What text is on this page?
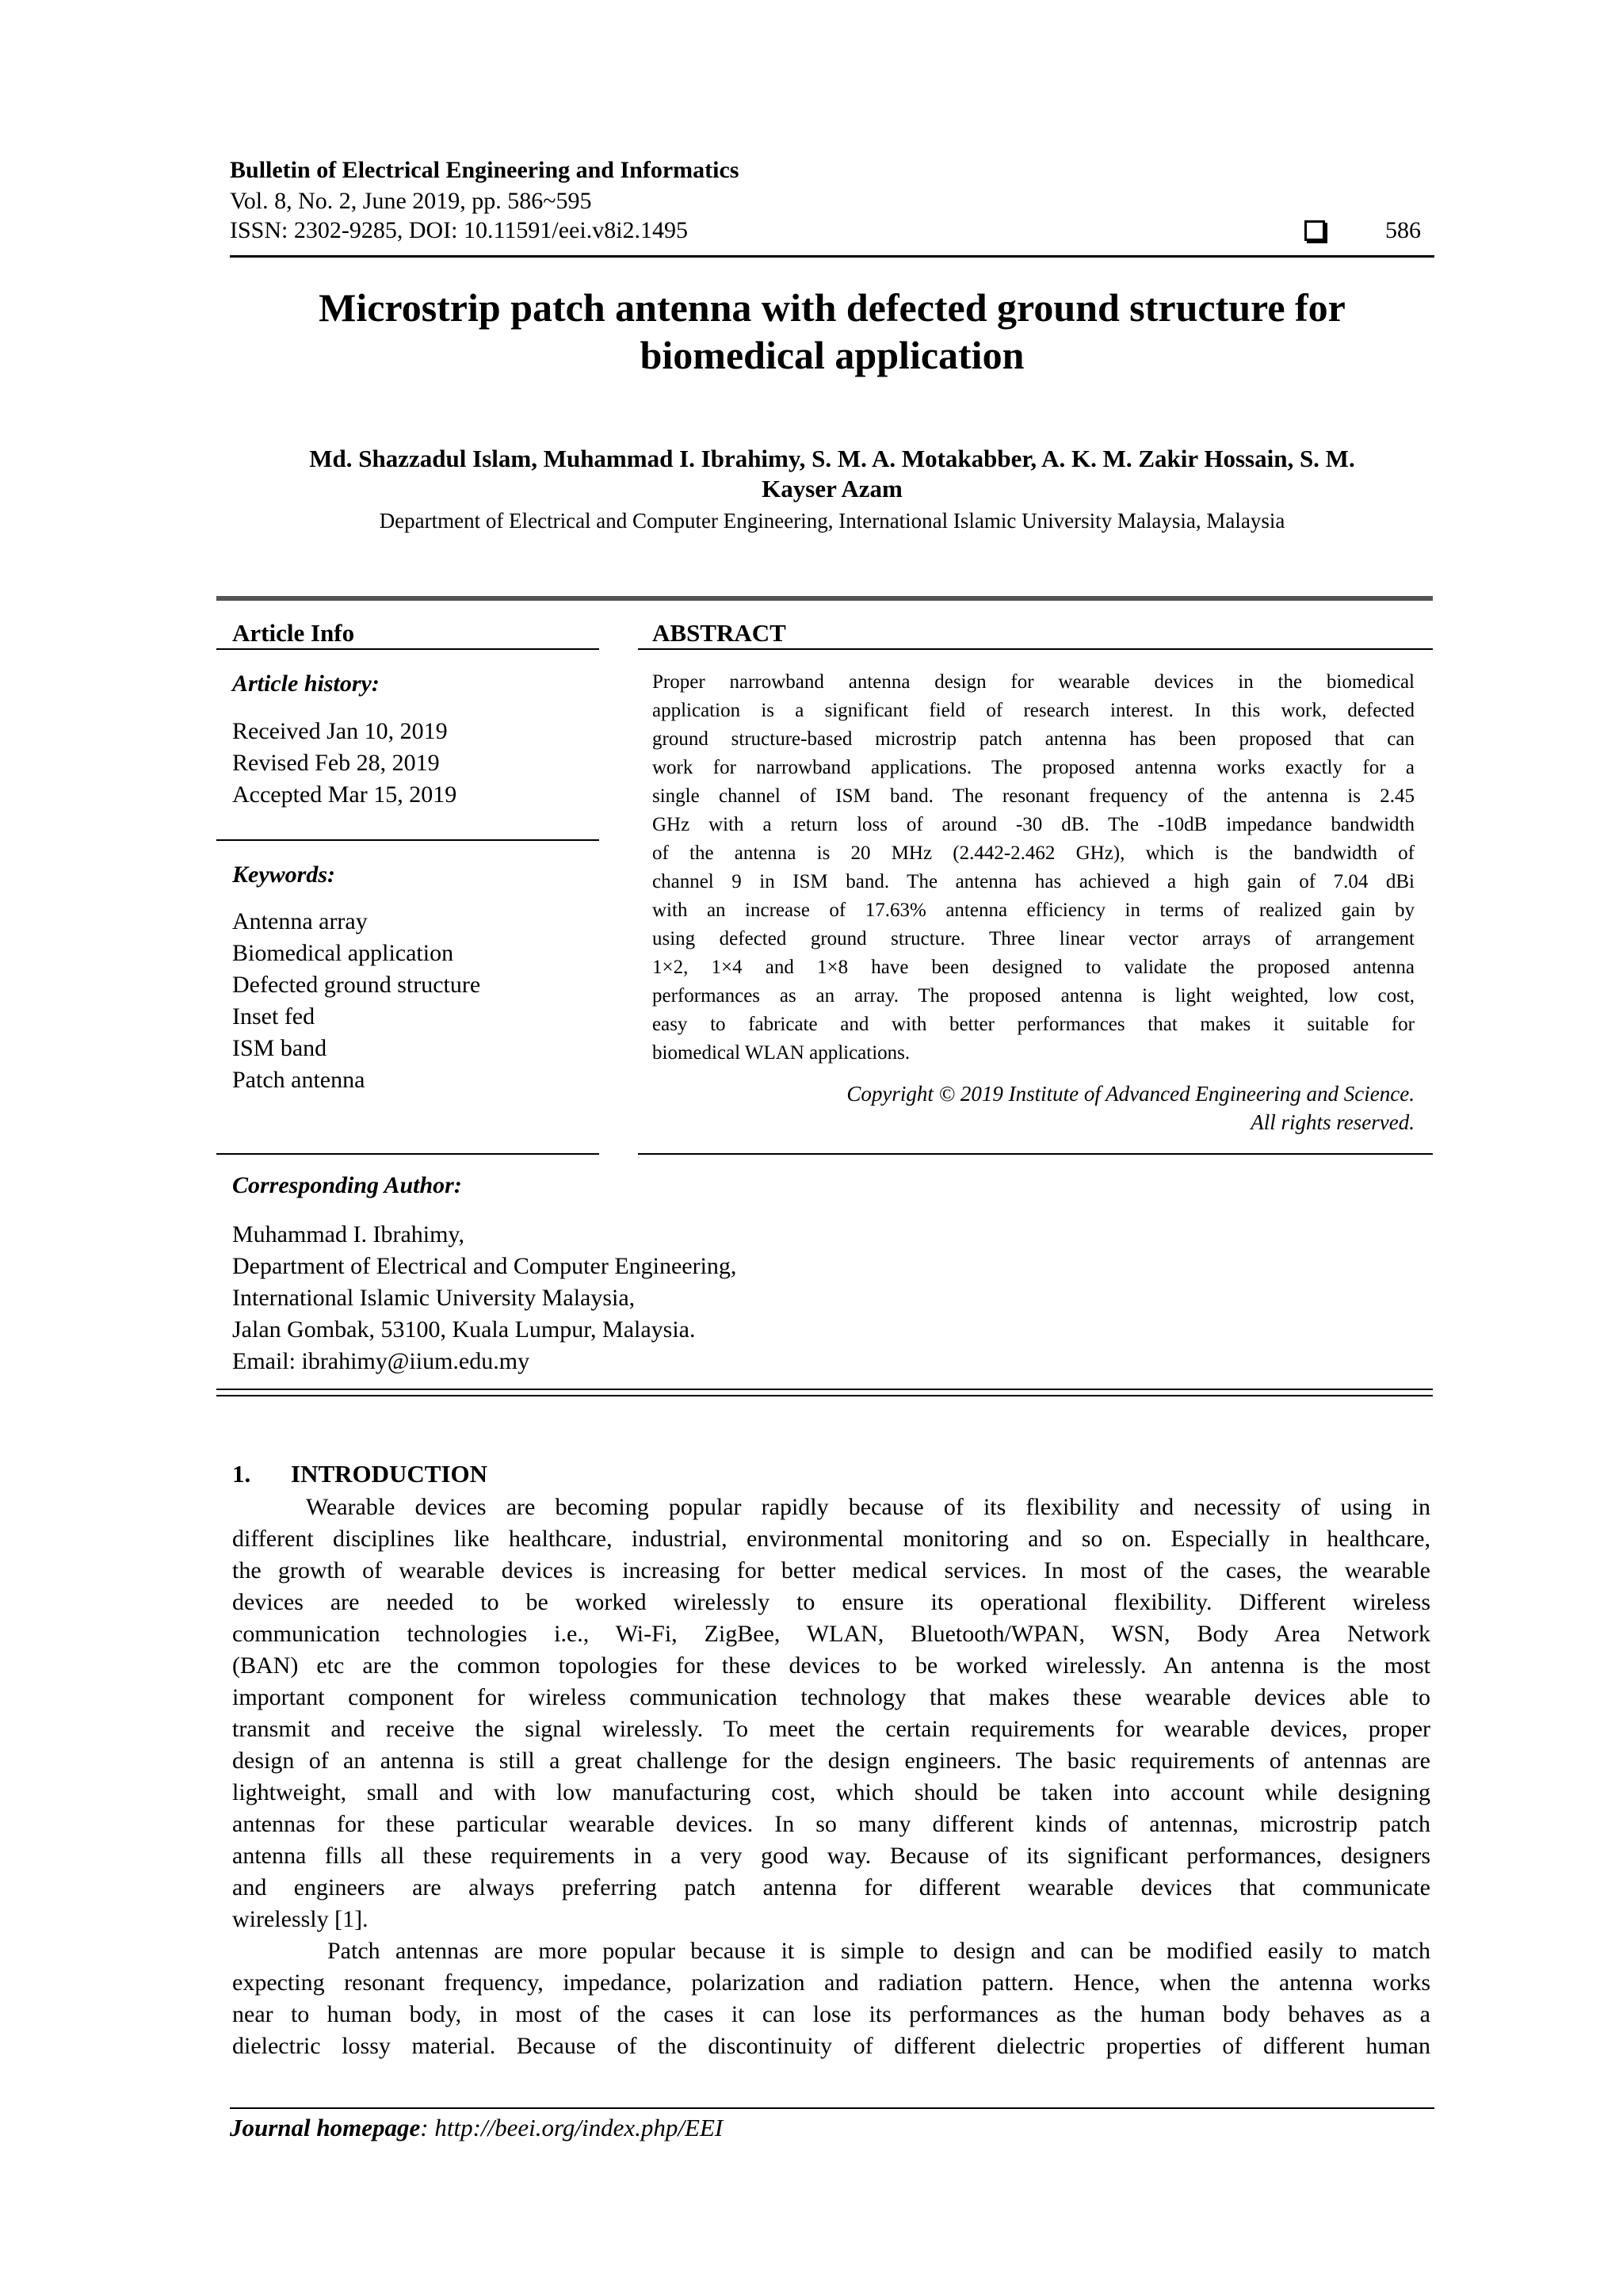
Bulletin of Electrical Engineering and Informatics
Vol. 8, No. 2, June 2019, pp. 586~595
ISSN: 2302-9285, DOI: 10.11591/eei.v8i2.1495	586
Microstrip patch antenna with defected ground structure for
biomedical application
Md. Shazzadul Islam, Muhammad I. Ibrahimy, S. M. A. Motakabber, A. K. M. Zakir Hossain, S. M.
Kayser Azam
Department of Electrical and Computer Engineering, International Islamic University Malaysia, Malaysia
Article Info
Article history:
Received Jan 10, 2019
Revised Feb 28, 2019
Accepted Mar 15, 2019
Keywords:
Antenna array
Biomedical application
Defected ground structure
Inset fed
ISM band
Patch antenna
ABSTRACT
Proper narrowband antenna design for wearable devices in the biomedical
application is a significant field of research interest. In this work, defected
ground structure-based microstrip patch antenna has been proposed that can
work for narrowband applications. The proposed antenna works exactly for a
single channel of ISM band. The resonant frequency of the antenna is 2.45
GHz with a return loss of around -30 dB. The -10dB impedance bandwidth
of the antenna is 20 MHz (2.442-2.462 GHz), which is the bandwidth of
channel 9 in ISM band. The antenna has achieved a high gain of 7.04 dBi
with an increase of 17.63% antenna efficiency in terms of realized gain by
using defected ground structure. Three linear vector arrays of arrangement
1×2, 1×4 and 1×8 have been designed to validate the proposed antenna
performances as an array. The proposed antenna is light weighted, low cost,
easy to fabricate and with better performances that makes it suitable for
biomedical WLAN applications.
Copyright © 2019 Institute of Advanced Engineering and Science.
All rights reserved.
Corresponding Author:
Muhammad I. Ibrahimy,
Department of Electrical and Computer Engineering,
International Islamic University Malaysia,
Jalan Gombak, 53100, Kuala Lumpur, Malaysia.
Email: ibrahimy@iium.edu.my
1. INTRODUCTION
Wearable devices are becoming popular rapidly because of its flexibility and necessity of using in
different disciplines like healthcare, industrial, environmental monitoring and so on. Especially in healthcare,
the growth of wearable devices is increasing for better medical services. In most of the cases, the wearable
devices are needed to be worked wirelessly to ensure its operational flexibility. Different wireless
communication technologies i.e., Wi-Fi, ZigBee, WLAN, Bluetooth/WPAN, WSN, Body Area Network
(BAN) etc are the common topologies for these devices to be worked wirelessly. An antenna is the most
important component for wireless communication technology that makes these wearable devices able to
transmit and receive the signal wirelessly. To meet the certain requirements for wearable devices, proper
design of an antenna is still a great challenge for the design engineers. The basic requirements of antennas are
lightweight, small and with low manufacturing cost, which should be taken into account while designing
antennas for these particular wearable devices. In so many different kinds of antennas, microstrip patch
antenna fills all these requirements in a very good way. Because of its significant performances, designers
and engineers are always preferring patch antenna for different wearable devices that communicate
wirelessly [1].
Patch antennas are more popular because it is simple to design and can be modified easily to match
expecting resonant frequency, impedance, polarization and radiation pattern. Hence, when the antenna works
near to human body, in most of the cases it can lose its performances as the human body behaves as a
dielectric lossy material. Because of the discontinuity of different dielectric properties of different human
Journal homepage: http://beei.org/index.php/EEI
